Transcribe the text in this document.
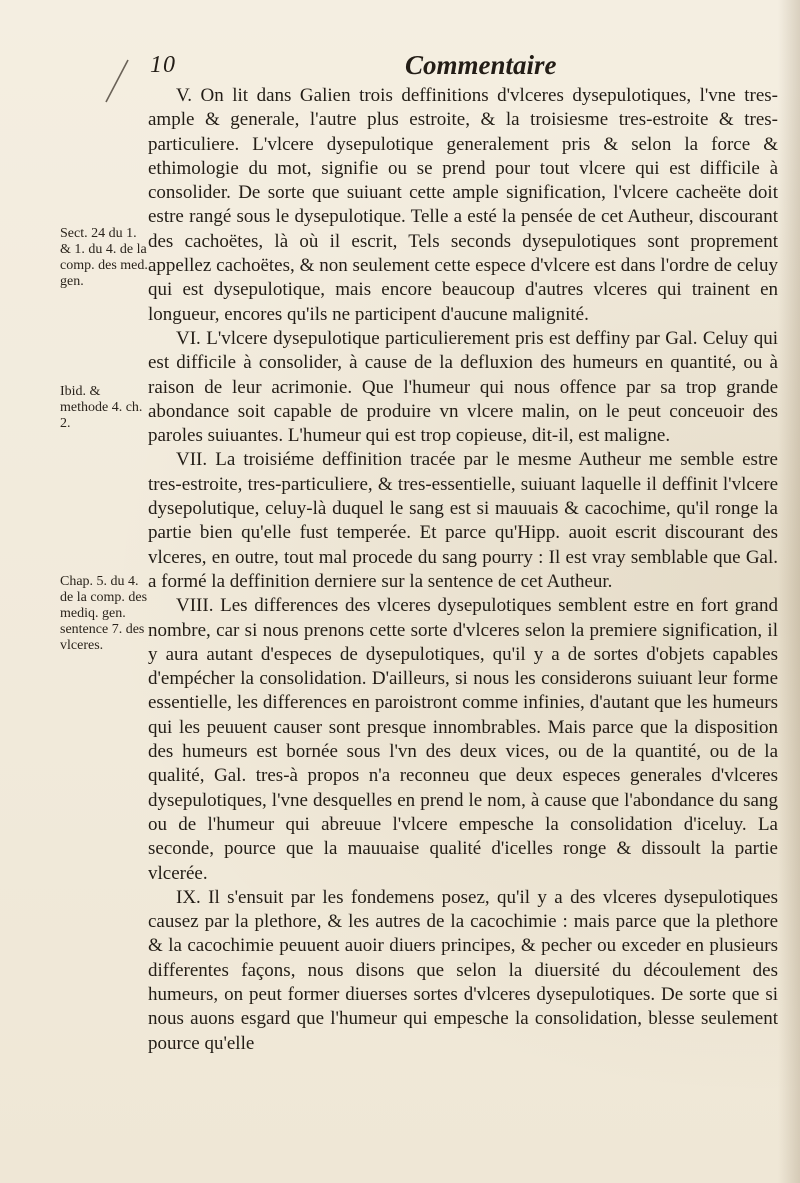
10	Commentaire
Sect. 24 du 1. & 1. du 4. de la comp. des med. gen.
Ibid. & methode 4. ch. 2.
Chap. 5. du 4. de la comp. des mediq. gen. sentence 7. des vlceres.

V. On lit dans Galien trois deffinitions d'vlceres dysepulotiques, l'vne tres-ample & generale, l'autre plus estroite, & la troisiesme tres-estroite & tres-particuliere. L'vlcere dysepulotique generalement pris & selon la force & ethimologie du mot, signifie ou se prend pour tout vlcere qui est difficile à consolider. De sorte que suiuant cette ample signification, l'vlcere cacheëte doit estre rangé sous le dysepulotique. Telle a esté la pensée de cet Autheur, discourant des cachoëtes, là où il escrit, Tels seconds dysepulotiques sont proprement appellez cachoëtes, & non seulement cette espece d'vlcere est dans l'ordre de celuy qui est dysepulotique, mais encore beaucoup d'autres vlceres qui trainent en longueur, encores qu'ils ne participent d'aucune malignité.

VI. L'vlcere dysepulotique particulierement pris est deffiny par Gal. Celuy qui est difficile à consolider, à cause de la defluxion des humeurs en quantité, ou à raison de leur acrimonie. Que l'humeur qui nous offence par sa trop grande abondance soit capable de produire vn vlcere malin, on le peut conceuoir des paroles suiuantes. L'humeur qui est trop copieuse, dit-il, est maligne.

VII. La troisiéme deffinition tracée par le mesme Autheur me semble estre tres-estroite, tres-particuliere, & tres-essentielle, suiuant laquelle il deffinit l'vlcere dysepolutique, celuy-là duquel le sang est si mauuais & cacochime, qu'il ronge la partie bien qu'elle fust temperée. Et parce qu'Hipp. auoit escrit discourant des vlceres, en outre, tout mal procede du sang pourry : Il est vray semblable que Gal. a formé la deffinition derniere sur la sentence de cet Autheur.

VIII. Les differences des vlceres dysepulotiques semblent estre en fort grand nombre, car si nous prenons cette sorte d'vlceres selon la premiere signification, il y aura autant d'especes de dysepulotiques, qu'il y a de sortes d'objets capables d'empécher la consolidation. D'ailleurs, si nous les considerons suiuant leur forme essentielle, les differences en paroistront comme infinies, d'autant que les humeurs qui les peuuent causer sont presque innombrables. Mais parce que la disposition des humeurs est bornée sous l'vn des deux vices, ou de la quantité, ou de la qualité, Gal. tres-à propos n'a reconneu que deux especes generales d'vlceres dysepulotiques, l'vne desquelles en prend le nom, à cause que l'abondance du sang ou de l'humeur qui abreuue l'vlcere empesche la consolidation d'iceluy. La seconde, pource que la mauuaise qualité d'icelles ronge & dissoult la partie vlcerée.

IX. Il s'ensuit par les fondemens posez, qu'il y a des vlceres dysepulotiques causez par la plethore, & les autres de la cacochimie : mais parce que la plethore & la cacochimie peuuent auoir diuers principes, & pecher ou exceder en plusieurs differentes façons, nous disons que selon la diuersité du découlement des humeurs, on peut former diuerses sortes d'vlceres dysepulotiques. De sorte que si nous auons esgard que l'humeur qui empesche la consolidation, blesse seulement pource qu'elle
